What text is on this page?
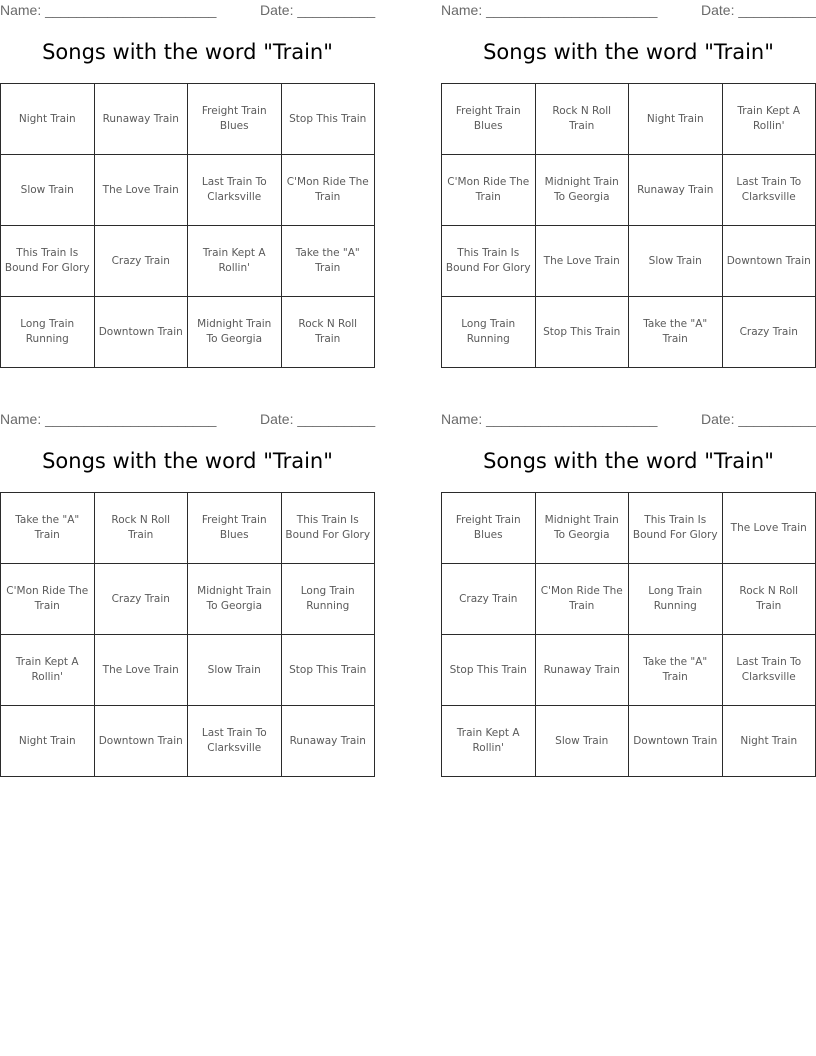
Name: ______________________	Date: __________
Songs with the word "Train"
Night Train	Runaway Train	Freight Train Blues	Stop This Train
Slow Train	The Love Train	Last Train To Clarksville	C'Mon Ride The Train
This Train Is Bound For Glory	Crazy Train	Train Kept A Rollin'	Take the "A" Train
Long Train Running	Downtown Train	Midnight Train To Georgia	Rock N Roll Train
Name: ______________________	Date: __________
Songs with the word "Train"
Freight Train Blues	Rock N Roll Train	Night Train	Train Kept A Rollin'
C'Mon Ride The Train	Midnight Train To Georgia	Runaway Train	Last Train To Clarksville
This Train Is Bound For Glory	The Love Train	Slow Train	Downtown Train
Long Train Running	Stop This Train	Take the "A" Train	Crazy Train
Name: ______________________	Date: __________
Songs with the word "Train"
Take the "A" Train	Rock N Roll Train	Freight Train Blues	This Train Is Bound For Glory
C'Mon Ride The Train	Crazy Train	Midnight Train To Georgia	Long Train Running
Train Kept A Rollin'	The Love Train	Slow Train	Stop This Train
Night Train	Downtown Train	Last Train To Clarksville	Runaway Train
Name: ______________________	Date: __________
Songs with the word "Train"
Freight Train Blues	Midnight Train To Georgia	This Train Is Bound For Glory	The Love Train
Crazy Train	C'Mon Ride The Train	Long Train Running	Rock N Roll Train
Stop This Train	Runaway Train	Take the "A" Train	Last Train To Clarksville
Train Kept A Rollin'	Slow Train	Downtown Train	Night Train
